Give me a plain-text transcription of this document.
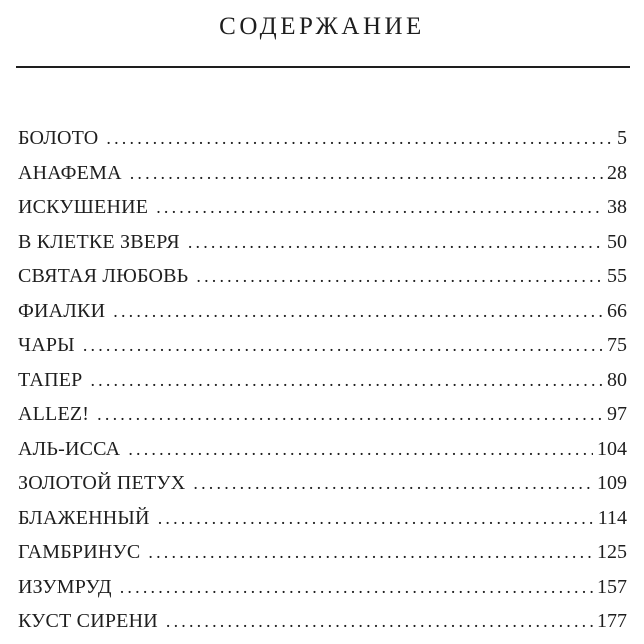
СОДЕРЖАНИЕ
БОЛОТО .....	5
АНАФЕМА .....	28
ИСКУШЕНИЕ .....	38
В КЛЕТКЕ ЗВЕРЯ .....	50
СВЯТАЯ ЛЮБОВЬ .....	55
ФИАЛКИ .....	66
ЧАРЫ .....	75
ТАПЕР .....	80
ALLEZ! .....	97
АЛЬ-ИССА .....	104
ЗОЛОТОЙ ПЕТУХ .....	109
БЛАЖЕННЫЙ .....	114
ГАМБРИНУС .....	125
ИЗУМРУД .....	157
КУСТ СИРЕНИ .....	177
